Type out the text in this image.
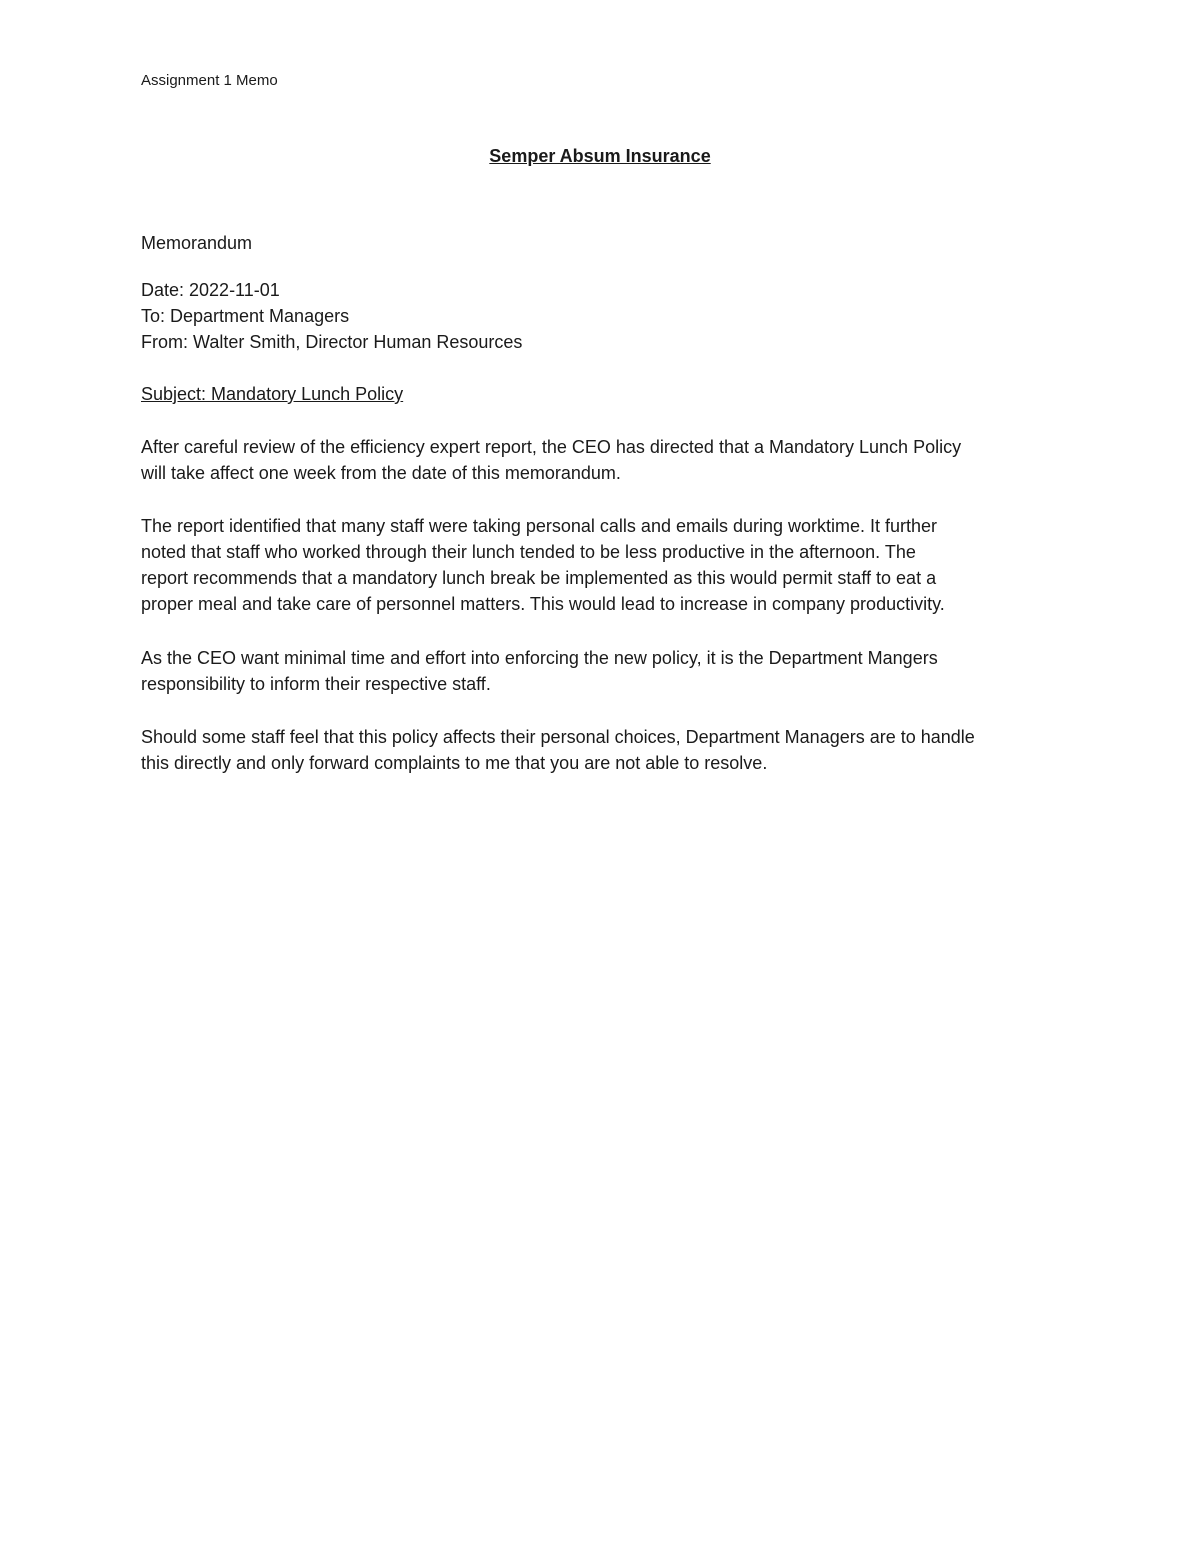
Assignment 1 Memo
Semper Absum Insurance
Memorandum
Date: 2022-11-01
To: Department Managers
From: Walter Smith, Director Human Resources
Subject: Mandatory Lunch Policy
After careful review of the efficiency expert report, the CEO has directed that a Mandatory Lunch Policy
will take affect one week from the date of this memorandum.
The report identified that many staff were taking personal calls and emails during worktime. It further
noted that staff who worked through their lunch tended to be less productive in the afternoon. The
report recommends that a mandatory lunch break be implemented as this would permit staff to eat a
proper meal and take care of personnel matters. This would lead to increase in company productivity.
As the CEO want minimal time and effort into enforcing the new policy, it is the Department Mangers
responsibility to inform their respective staff.
Should some staff feel that this policy affects their personal choices, Department Managers are to handle
this directly and only forward complaints to me that you are not able to resolve.
